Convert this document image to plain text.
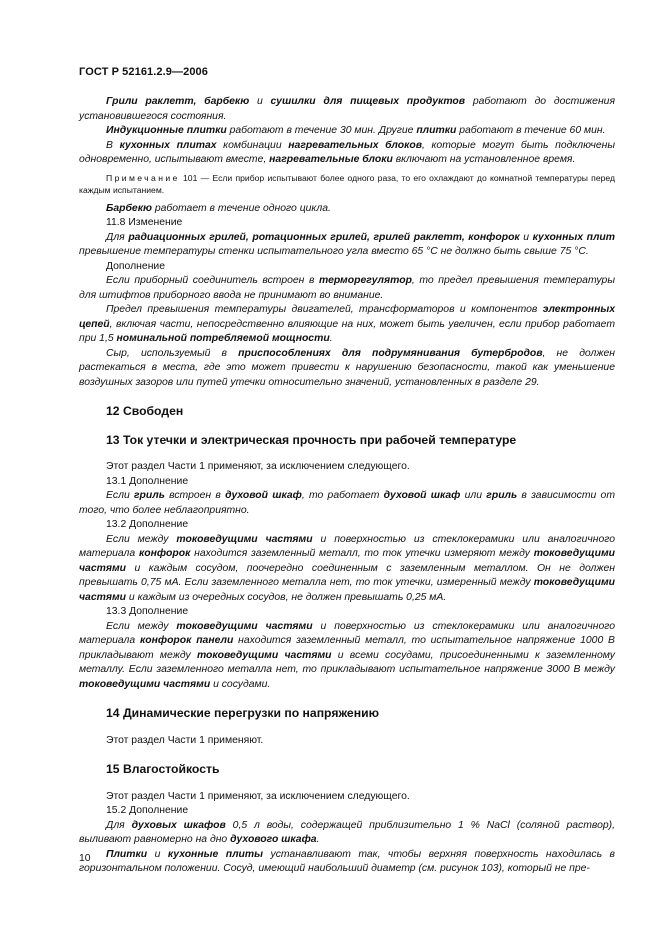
ГОСТ Р 52161.2.9—2006

Грили раклетт, барбекю и сушилки для пищевых продуктов работают до достижения установившегося состояния.

Индукционные плитки работают в течение 30 мин. Другие плитки работают в течение 60 мин.

В кухонных плитах комбинации нагревательных блоков, которые могут быть подключены одновременно, испытывают вместе, нагревательные блоки включают на установленное время.

Примечание 101 — Если прибор испытывают более одного раза, то его охлаждают до комнатной температуры перед каждым испытанием.

Барбекю работает в течение одного цикла.

11.8 Изменение

Для радиационных грилей, ротационных грилей, грилей раклетт, конфорок и кухонных плит превышение температуры стенки испытательного угла вместо 65 °С не должно быть свыше 75 °С.

Дополнение

Если приборный соединитель встроен в терморегулятор, то предел превышения температуры для штифтов приборного ввода не принимают во внимание.

Предел превышения температуры двигателей, трансформаторов и компонентов электронных цепей, включая части, непосредственно влияющие на них, может быть увеличен, если прибор работает при 1,5 номинальной потребляемой мощности.

Сыр, используемый в приспособлениях для подрумянивания бутербродов, не должен растекаться в места, где это может привести к нарушению безопасности, такой как уменьшение воздушных зазоров или путей утечки относительно значений, установленных в разделе 29.

12 Свободен
13 Ток утечки и электрическая прочность при рабочей температуре

Этот раздел Части 1 применяют, за исключением следующего.

13.1 Дополнение

Если гриль встроен в духовой шкаф, то работает духовой шкаф или гриль в зависимости от того, что более неблагоприятно.

13.2 Дополнение

Если между токоведущими частями и поверхностью из стеклокерамики или аналогичного материала конфорок находится заземленный металл, то ток утечки измеряют между токоведущими частями и каждым сосудом, поочередно соединенным с заземленным металлом. Он не должен превышать 0,75 мА. Если заземленного металла нет, то ток утечки, измеренный между токоведущими частями и каждым из очередных сосудов, не должен превышать 0,25 мА.

13.3 Дополнение

Если между токоведущими частями и поверхностью из стеклокерамики или аналогичного материала конфорок панели находится заземленный металл, то испытательное напряжение 1000 В прикладывают между токоведущими частями и всеми сосудами, присоединенными к заземленному металлу. Если заземленного металла нет, то прикладывают испытательное напряжение 3000 В между токоведущими частями и сосудами.

14 Динамические перегрузки по напряжению

Этот раздел Части 1 применяют.

15 Влагостойкость

Этот раздел Части 1 применяют, за исключением следующего.

15.2 Дополнение

Для духовых шкафов 0,5 л воды, содержащей приблизительно 1 % NaCl (соляной раствор), выливают равномерно на дно духового шкафа.

Плитки и кухонные плиты устанавливают так, чтобы верхняя поверхность находилась в горизонтальном положении. Сосуд, имеющий наибольший диаметр (см. рисунок 103), который не пре-

10
